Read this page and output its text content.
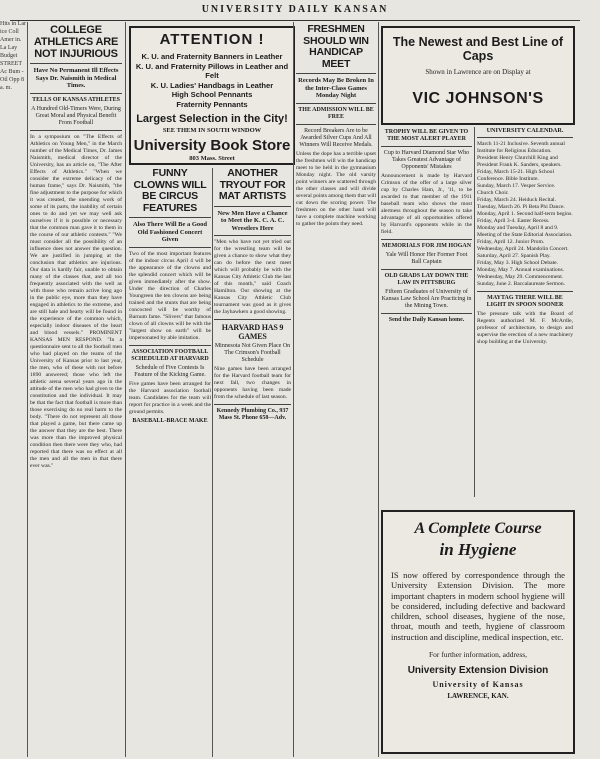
UNIVERSITY DAILY KANSAN
Hits in Lar ice Coll Amer in. La Lay Budget STREET Ac Bum -Otl Opp 8 a. m.
COLLEGE ATHLETICS ARE NOT INJURIOUS
Have No Permanent Ill Effects Says Dr. Naismith in Medical Times.
TELLS OF KANSAS ATHLETES
A Hundred Old-Timers Were, During Great Moral and Physical Benefit From Football
In a symposium on "The Effects of Athletics on Young Men," in the March number of the Medical Times, Dr. James Naismith, medical director of the University, has an article on, "The After Effects of Athletics." "When we consider the extreme delicacy of the human frame," says Dr. Naismith, "the fine adjustment to the purpose for which it was created, the unending work of some of its parts, the inability of certain ones to do and yet we may well ask ourselves if it is possible or necessary that the common man gave it to them in the course of our athletic contests." "We must consider all the possibility of an influence does not answer the question. We are justified in jumping at the conclusion that athletics are injurious. Our data is hardly fair, unable to obtain many of the classes that, and all too frequently associated with the well as with those who remain active long ago in the public eye, more than they have engaged in athletics to the extreme, and are still hale and hearty will be found in the experience of the common which, especially indoor diseases of the heart and blood vessels." PROMINENT KANSAS MEN RESPOND. "In a questionnaire sent to all the football men who had played on the teams of the University of Kansas prior to last year, the men, who of these with not before 1890 answered; those who left the athletic arena several years ago in the attitude of the men who had given to the constitution and the individual. It may be that the fact that football is more than those exercising do no real harm to the body. "There do not represent all those that played a game, but there came up the answer that they are the best. There was more than the improved physical condition then there were they who, had reported that there was no effect at all the men and all the men in that there ever was."
ATTENTION !
K. U. and Fraternity Banners in Leather
K. U. and Fraternity Pillows in Leather and Felt
K. U. Ladies' Handbags in Leather
High School Pennants
Fraternity Pennants
Largest Selection in the City!
SEE THEM IN SOUTH WINDOW
University Book Store
803 Mass. Street
FUNNY CLOWNS WILL BE CIRCUS FEATURES
Also There Will Be a Good Old Fashioned Concert Given
Two of the most important features of the indoor circus April 4 will be the appearance of the clowns and the splendid concert which will be given immediately after the show. Under the direction of Charles Youngreen the ten clowns are being trained and the stunts that are being concocted will be worthy of Barnum fame. "Slivers" that famous clown of all clowns will be with the "largest show on earth" will be impersonated by able imitation.
ASSOCIATION FOOTBALL SCHEDULED AT HARVARD
Schedule of Five Contests Is Feature of the Kicking Game.
Five games have been arranged for the Harvard association football team. Candidates for the team will report for practice in a week and the ground permits.
BASEBALL-BRACE MAKE
ANOTHER TRYOUT FOR MAT ARTISTS
New Men Have a Chance to Meet the K. C. A. C. Wrestlers Here
"Men who have not yet tried out for the wrestling team will be given a chance to show what they can do before the next meet which will probably be with the Kansas City Athletic Club the last of this month," said Coach Hamilton. Our showing at the Kansas City Athletic Club tournament was good as it gives the Jayhawkers a good showing.
HARVARD HAS 9 GAMES
Minnesota Not Given Place On The Crimson's Football Schedule
Nine games have been arranged for the Harvard football team for next fall, two changes in opponents having been made from the schedule of last season.
Kennedy Plumbing Co., 937 Mass St. Phone 658—Adv.
FRESHMEN SHOULD WIN HANDICAP MEET
Records May Be Broken In the Inter-Class Games Monday Night
THE ADMISSION WILL BE FREE
Record Breakers Are to be Awarded Silver Cups And All Winners Will Receive Medals.
Unless the dope has a terrible upset the freshmen will win the handicap meet to be held in the gymnasium Monday night. The old varsity point winners are scattered through the other classes and will divide several points among them that will cut down the scoring power. The freshmen on the other hand will have a complete machine working to gather the points they need.
The Newest and Best Line of Caps
Shown in Lawrence are on Display at
VIC JOHNSON'S
TROPHY WILL BE GIVEN TO THE MOST ALERT PLAYER
Cup to Harvard Diamond Star Who Takes Greatest Advantage of Opponents' Mistakes
Announcement is made by Harvard Crimson of the offer of a large silver cup by Charles Ham, Jr., '11, to be awarded to that member of the 1911 baseball team who shows the most alertness throughout the season to take advantage of all opportunities offered by Harvard's opponents while in the field.
MEMORIALS FOR JIM HOGAN
Yale Will Honor Her Former Foot Ball Captain
OLD GRADS LAY DOWN THE LAW IN PITTSBURG
Fifteen Graduates of University of Kansas Law School Are Practicing in the Mining Town.
Send the Daily Kansan home.
UNIVERSITY CALENDAR.
March 11-21 Inclusive. Seventh annual Institute for Religious Education. President Henry Churchill King and President Frank K. Sanders, speakers.
Friday, March 15-21. High School Conference. Bible Institute.
Sunday, March 17. Vesper Service. Church Choir.
Friday, March 24. Heiduck Recital.
Tuesday, March 26. Pi Beta Phi Dance.
Monday, April 1. Second half-term begins.
Friday, April 3-4. Easter Recess.
Monday and Tuesday, April 8 and 9. Meeting of the State Editorial Association.
Friday, April 12. Junior Prom.
Wednesday, April 24. Mandolin Concert.
Saturday, April 27. Spanish Play.
Friday, May 3. High School Debate.
Monday, May 7. Annual examinations.
Wednesday, May 29. Commencement.
Sunday, June 2. Baccalaureate Sermon.
MAYTAG THERE WILL BE LIGHT IN SPOON SOONER
The pressure talk with the Board of Regents authorized M. F. McArdle, professor of architecture, to design and supervise the erection of a new machinery shop building at the University.
A Complete Course
in Hygiene
IS now offered by correspondence through the University Extension Division. The more important chapters in modern school hygiene will be considered, including defective and backward children, school diseases, hygiene of the nose, throat, mouth and teeth, hygiene of classroom instruction and discipline, medical inspection, etc.
For further information, address,
University Extension Division
University of Kansas
LAWRENCE, KAN.
